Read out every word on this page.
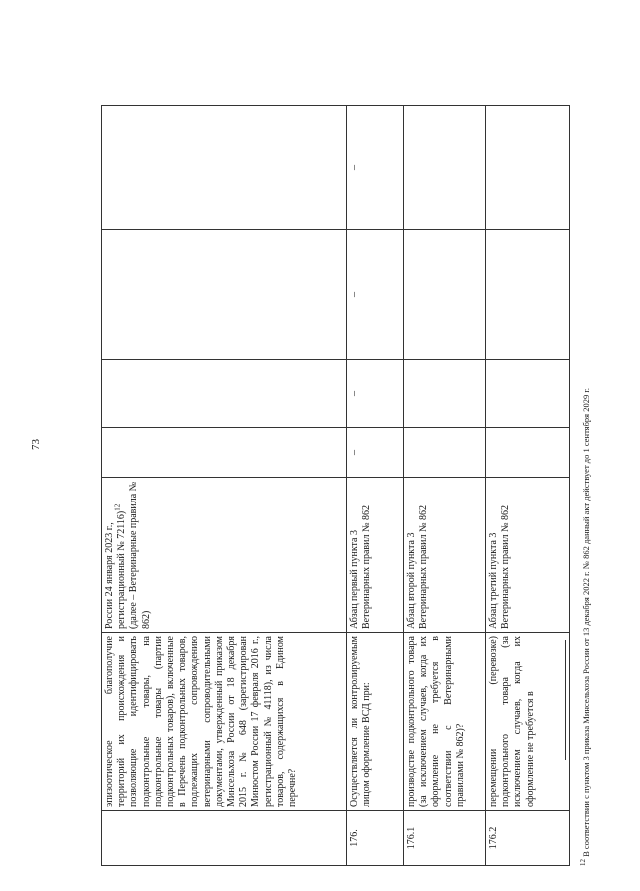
73
	эпизоотическое благополучие территорий их происхождения и позволяющие идентифицировать подконтрольные товары, на подконтрольные товары (партии подконтрольных товаров), включенные в Перечень подконтрольных товаров, подлежащих сопровождению ветеринарными сопроводительными документами, утвержденный приказом Минсельхоза России от 18 декабря 2015 г. № 648 (зарегистрирован Минюстом России 17 февраля 2016 г., регистрационный № 41118), из числа товаров, содержащихся в Едином перечне?	России 24 января 2023 г., регистрационный № 72116)$^{12}$ (далее – Ветеринарные правила № 862)				
176.	Осуществляется ли контролируемым лицом оформление ВСД при:	Абзац первый пункта 3 Ветеринарных правил № 862	–	–	–	–

176.1	производстве подконтрольного товара (за исключением случаев, когда их оформление не требуется в соответствии с Ветеринарными правилами № 862)?	Абзац второй пункта 3 Ветеринарных правил № 862				
176.2	перемещении (перевозке) подконтрольного товара (за исключением случаев, когда их оформление не требуется в	Абзац третий пункта 3 Ветеринарных правил № 862				
$^{12}$ В соответствии с пунктом 3 приказа Минсельхоза России от 13 декабря 2022 г. № 862 данный акт действует до 1 сентября 2029 г.
